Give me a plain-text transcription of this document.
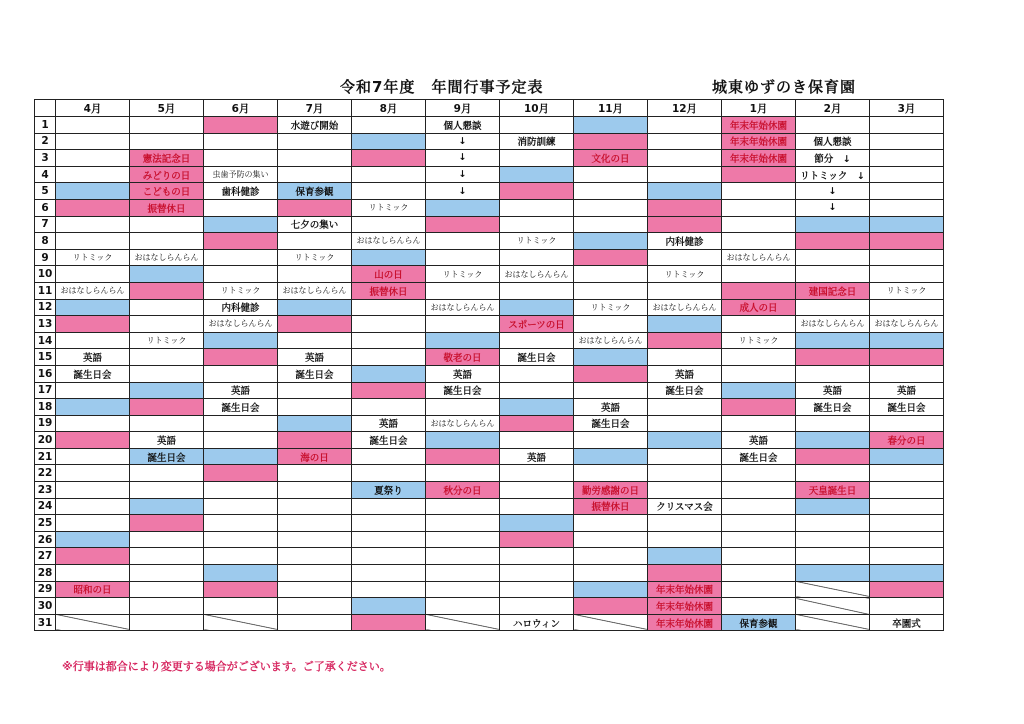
令和7年度　年間行事予定表	城東ゆずのき保育園
	4月	5月	6月	7月	8月	9月	10月	11月	12月	1月	2月	3月
1				水遊び開始		個人懇談				年末年始休園		
2						↓	消防訓練			年末年始休園	個人懇談	
3		憲法記念日				↓		文化の日		年末年始休園	節分　↓	
4		みどりの日	虫歯予防の集い			↓					リトミック　↓	
5		こどもの日	歯科健診	保育参観		↓					↓	
6		振替休日			リトミック						↓	
7				七夕の集い								
8					おはなしらんらん		リトミック		内科健診			
9	リトミック	おはなしらんらん		リトミック						おはなしらんらん		
10					山の日	リトミック	おはなしらんらん		リトミック			
11	おはなしらんらん		リトミック	おはなしらんらん	振替休日						建国記念日	リトミック
12			内科健診			おはなしらんらん		リトミック	おはなしらんらん	成人の日		
13			おはなしらんらん				スポーツの日				おはなしらんらん	おはなしらんらん
14		リトミック						おはなしらんらん		リトミック		
15	英語			英語		敬老の日	誕生日会					
16	誕生日会			誕生日会		英語			英語			
17			英語			誕生日会			誕生日会		英語	英語
18			誕生日会					英語			誕生日会	誕生日会
19					英語	おはなしらんらん		誕生日会				
20		英語			誕生日会					英語		春分の日
21		誕生日会		海の日			英語			誕生日会		
22												
23					夏祭り	秋分の日		勤労感謝の日			天皇誕生日	
24								振替休日	クリスマス会			
25												
26												
27												
28												
29	昭和の日								年末年始休園			
30									年末年始休園			
31							ハロウィン		年末年始休園	保育参観		卒園式
※行事は都合により変更する場合がございます。ご了承ください。
